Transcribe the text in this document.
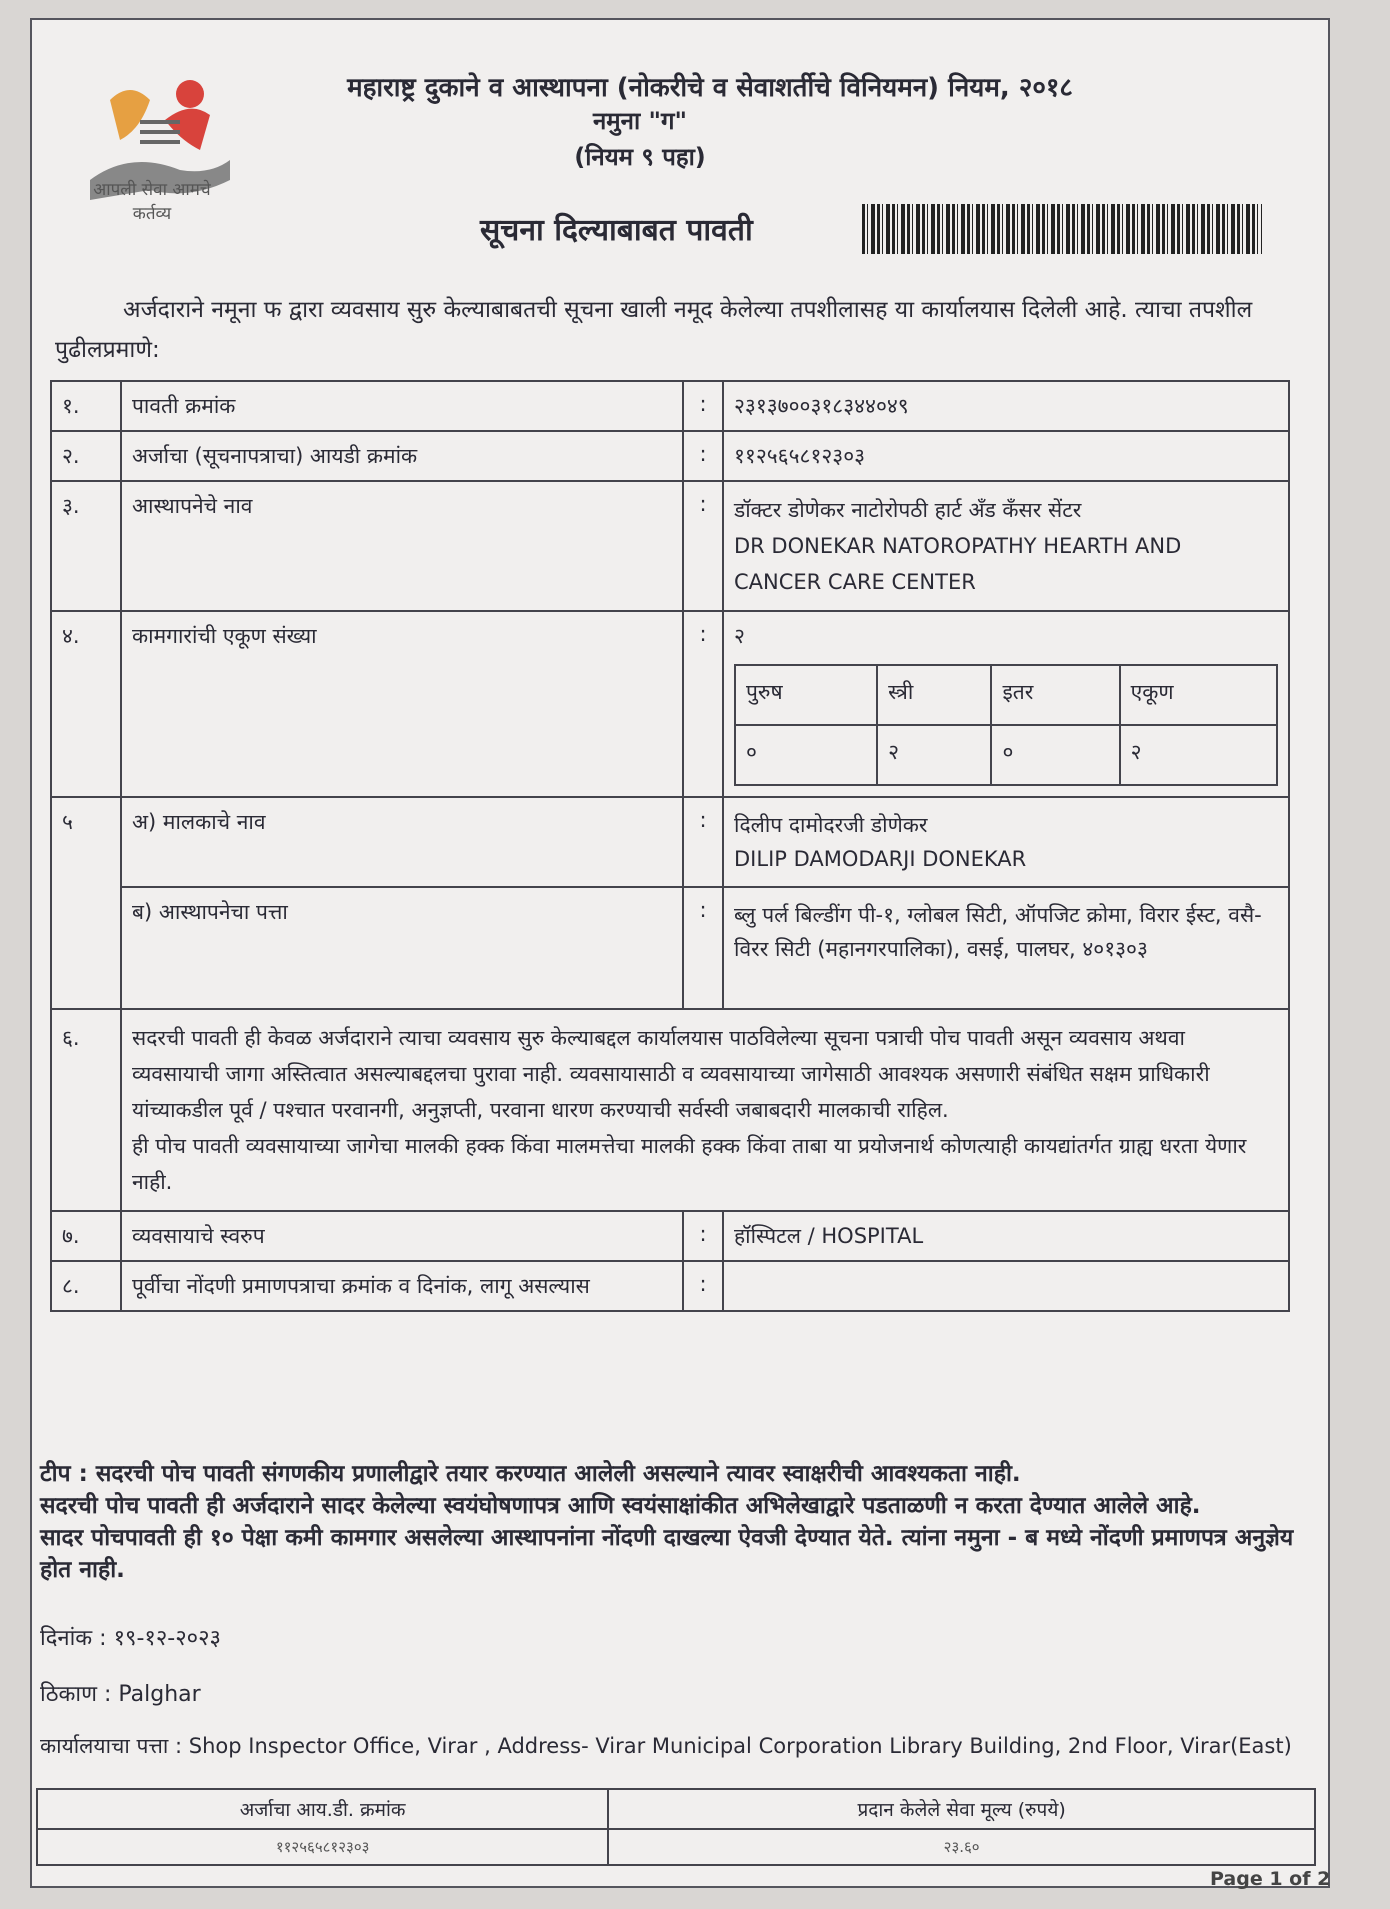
आपली सेवा आमचे कर्तव्य
महाराष्ट्र दुकाने व आस्थापना (नोकरीचे व सेवाशर्तीचे विनियमन) नियम, २०१८
नमुना "ग"
(नियम ९ पहा)
सूचना दिल्याबाबत पावती
अर्जदाराने नमूना फ द्वारा व्यवसाय सुरु केल्याबाबतची सूचना खाली नमूद केलेल्या तपशीलासह या कार्यालयास दिलेली आहे. त्याचा तपशील पुढीलप्रमाणे:
१.	पावती क्रमांक	:	२३१३७००३१८३४४०४९
२.	अर्जाचा (सूचनापत्राचा) आयडी क्रमांक	:	११२५६५८१२३०३
३.	आस्थापनेचे नाव	:	डॉक्टर डोणेकर नाटोरोपठी हार्ट अँड कॅंसर सेंटर
DR DONEKAR NATOROPATHY HEARTH AND
CANCER CARE CENTER

४.	कामगारांची एकूण संख्या	:	२
पुरुष	स्त्री	इतर	एकूण
०	२	०	२

५	अ) मालकाचे नाव	:	दिलीप दामोदरजी डोणेकर
DILIP DAMODARJI DONEKAR

ब) आस्थापनेचा पत्ता	:	ब्लु पर्ल बिल्डींग पी-१, ग्लोबल सिटी, ऑपजिट क्रोमा, विरार ईस्ट, वसै-विरर सिटी (महानगरपालिका), वसई, पालघर, ४०१३०३
६.	सदरची पावती ही केवळ अर्जदाराने त्याचा व्यवसाय सुरु केल्याबद्दल कार्यालयास पाठविलेल्या सूचना पत्राची पोच पावती असून व्यवसाय अथवा व्यवसायाची जागा अस्तित्वात असल्याबद्दलचा पुरावा नाही. व्यवसायासाठी व व्यवसायाच्या जागेसाठी आवश्यक असणारी संबंधित सक्षम प्राधिकारी यांच्याकडील पूर्व / पश्चात परवानगी, अनुज्ञप्ती, परवाना धारण करण्याची सर्वस्वी जबाबदारी मालकाची राहिल.
ही पोच पावती व्यवसायाच्या जागेचा मालकी हक्क किंवा मालमत्तेचा मालकी हक्क किंवा ताबा या प्रयोजनार्थ कोणत्याही कायद्यांतर्गत ग्राह्य धरता येणार नाही.

७.	व्यवसायाचे स्वरुप	:	हॉस्पिटल / HOSPITAL
८.	पूर्वीचा नोंदणी प्रमाणपत्राचा क्रमांक व दिनांक, लागू असल्यास	:	
टीप : सदरची पोच पावती संगणकीय प्रणालीद्वारे तयार करण्यात आलेली असल्याने त्यावर स्वाक्षरीची आवश्यकता नाही.
सदरची पोच पावती ही अर्जदाराने सादर केलेल्या स्वयंघोषणापत्र आणि स्वयंसाक्षांकीत अभिलेखाद्वारे पडताळणी न करता देण्यात आलेले आहे.
सादर पोचपावती ही १० पेक्षा कमी कामगार असलेल्या आस्थापनांना नोंदणी दाखल्या ऐवजी देण्यात येते. त्यांना नमुना - ब मध्ये नोंदणी प्रमाणपत्र अनुज्ञेय होत नाही.
दिनांक : १९-१२-२०२३
ठिकाण : Palghar
कार्यालयाचा पत्ता : Shop Inspector Office, Virar , Address- Virar Municipal Corporation Library Building, 2nd Floor, Virar(East)
अर्जाचा आय.डी. क्रमांक	प्रदान केलेले सेवा मूल्य (रुपये)
११२५६५८१२३०३	२३.६०
Page 1 of 2
